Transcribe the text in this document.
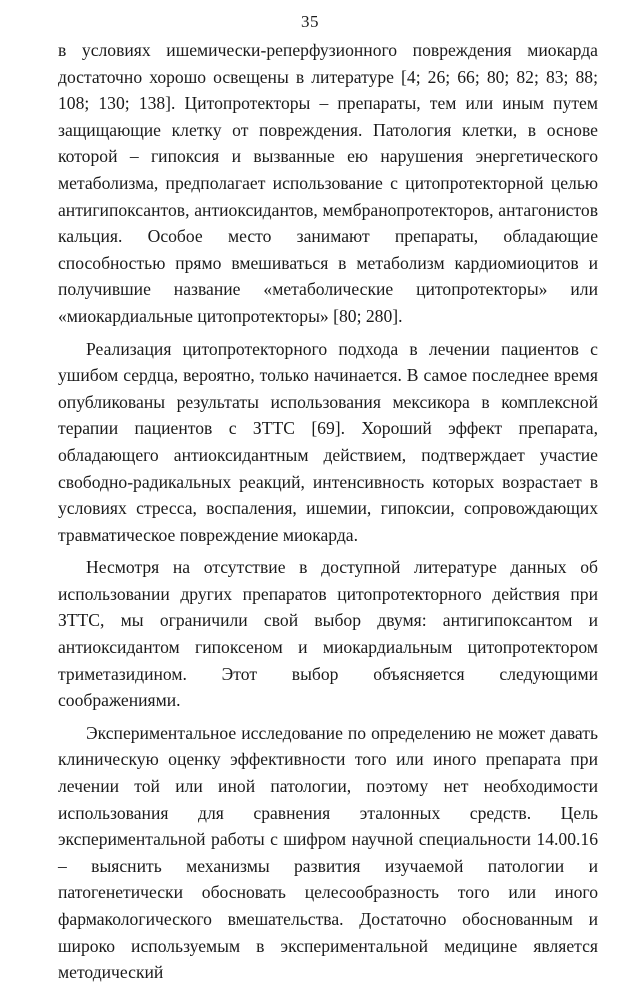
35

в условиях ишемически-реперфузионного повреждения миокарда достаточно хорошо освещены в литературе [4; 26; 66; 80; 82; 83; 88; 108; 130; 138]. Цитопротекторы – препараты, тем или иным путем защищающие клетку от повреждения. Патология клетки, в основе которой – гипоксия и вызванные ею нарушения энергетического метаболизма, предполагает использование с цитопротекторной целью антигипоксантов, антиоксидантов, мембранопротекторов, антагонистов кальция. Особое место занимают препараты, обладающие способностью прямо вмешиваться в метаболизм кардиомиоцитов и получившие название «метаболические цитопротекторы» или «миокардиальные цитопротекторы» [80; 280].

Реализация цитопротекторного подхода в лечении пациентов с ушибом сердца, вероятно, только начинается. В самое последнее время опубликованы результаты использования мексикора в комплексной терапии пациентов с ЗТТС [69]. Хороший эффект препарата, обладающего антиоксидантным действием, подтверждает участие свободно-радикальных реакций, интенсивность которых возрастает в условиях стресса, воспаления, ишемии, гипоксии, сопровождающих травматическое повреждение миокарда.

Несмотря на отсутствие в доступной литературе данных об использовании других препаратов цитопротекторного действия при ЗТТС, мы ограничили свой выбор двумя: антигипоксантом и антиоксидантом гипоксеном и миокардиальным цитопротектором триметазидином. Этот выбор объясняется следующими соображениями.

Экспериментальное исследование по определению не может давать клиническую оценку эффективности того или иного препарата при лечении той или иной патологии, поэтому нет необходимости использования для сравнения эталонных средств. Цель экспериментальной работы с шифром научной специальности 14.00.16 – выяснить механизмы развития изучаемой патологии и патогенетически обосновать целесообразность того или иного фармакологического вмешательства. Достаточно обоснованным и широко используемым в экспериментальной медицине является методический
